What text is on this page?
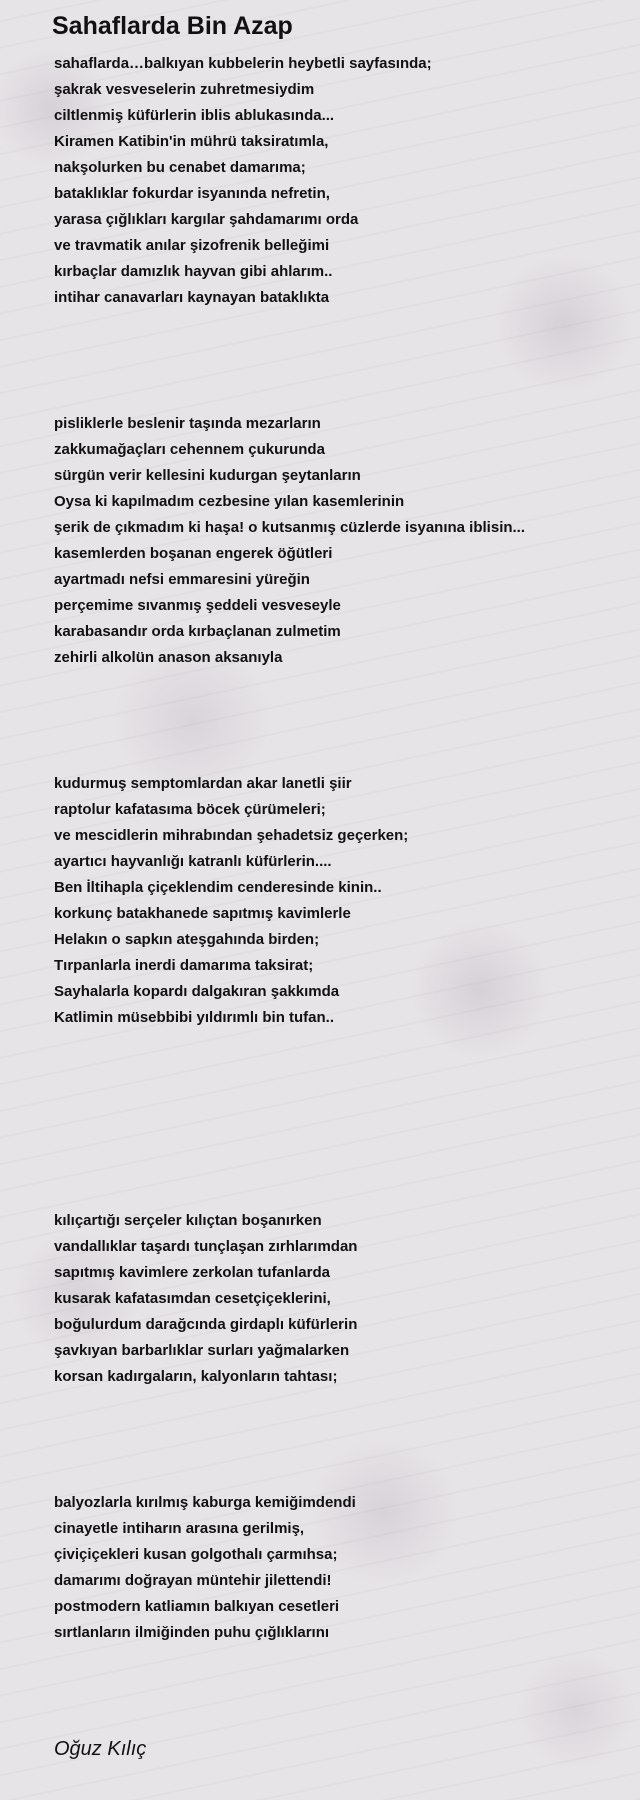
Sahaflarda Bin Azap
sahaflarda…balkıyan kubbelerin heybetli sayfasında;
şakrak vesveselerin zuhretmesiydim
ciltlenmiş küfürlerin iblis ablukasında...
Kiramen Katibin'in mührü taksiratımla,
nakşolurken bu cenabet damarıma;
bataklıklar fokurdar isyanında nefretin,
yarasa çığlıkları kargılar şahdamarımı orda
ve travmatik anılar şizofrenik belleğimi
kırbaçlar damızlık hayvan gibi ahlarım..
intihar canavarları kaynayan bataklıkta
pisliklerle beslenir taşında mezarların
zakkumağaçları cehennem çukurunda
sürgün verir kellesini kudurgan şeytanların
Oysa ki kapılmadım cezbesine yılan kasemlerinin
şerik de çıkmadım ki haşa! o kutsanmış cüzlerde isyanına iblisin...
kasemlerden boşanan engerek öğütleri
ayartmadı nefsi emmaresini yüreğin
perçemime sıvanmış şeddeli vesveseyle
karabasandır orda kırbaçlanan zulmetim
zehirli alkolün anason aksanıyla
kudurmuş semptomlardan akar lanetli şiir
raptolur kafatasıma böcek çürümeleri;
ve mescidlerin mihrabından şehadetsiz geçerken;
ayartıcı hayvanlığı katranlı küfürlerin....
Ben İltihapla çiçeklendim cenderesinde kinin..
korkunç batakhanede sapıtmış kavimlerle
Helakın o sapkın ateşgahında birden;
Tırpanlarla inerdi damarıma taksirat;
Sayhalarla kopardı dalgakıran şakkımda
Katlimin müsebbibi yıldırımlı bin tufan..
kılıçartığı serçeler kılıçtan boşanırken
vandallıklar taşardı tunçlaşan zırhlarımdan
sapıtmış kavimlere zerkolan tufanlarda
kusarak kafatasımdan cesetçiçeklerini,
boğulurdum darağcında girdaplı küfürlerin
şavkıyan barbarlıklar surları yağmalarken
korsan kadırgaların, kalyonların tahtası;
balyozlarla kırılmış kaburga kemiğimdendi
cinayetle intiharın arasına gerilmiş,
çiviçiçekleri kusan golgothalı çarmıhsa;
damarımı doğrayan müntehir jilettendi!
postmodern katliamın balkıyan cesetleri
sırtlanların ilmiğinden puhu çığlıklarını
Oğuz Kılıç
